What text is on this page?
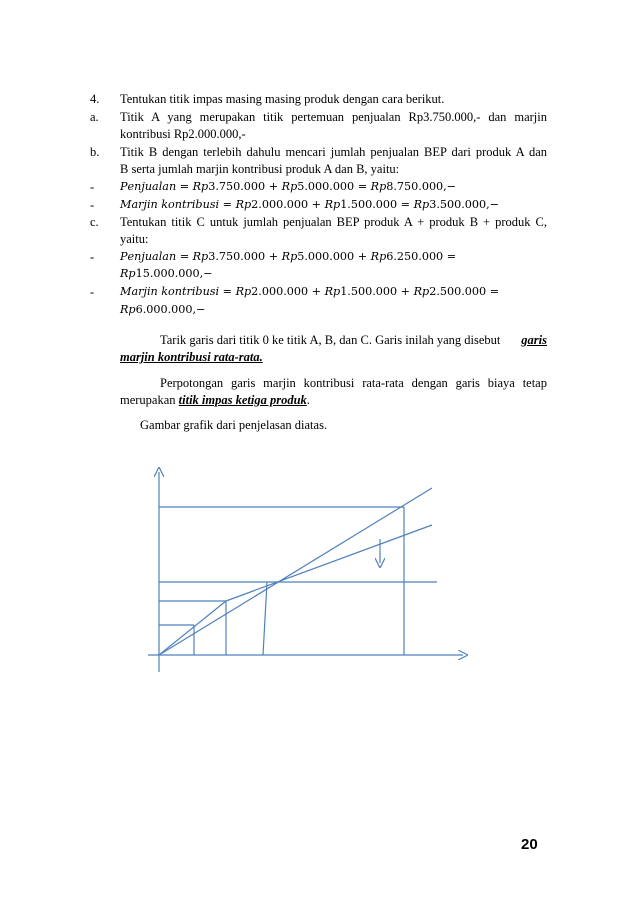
4. Tentukan titik impas masing masing produk dengan cara berikut.
a. Titik A yang merupakan titik pertemuan penjualan Rp3.750.000,- dan marjin
kontribusi Rp2.000.000,-
b. Titik B dengan terlebih dahulu mencari jumlah penjualan BEP dari produk A dan
B serta jumlah marjin kontribusi produk A dan B, yaitu:
- 𝑃𝑒𝑛𝑗𝑢𝑎𝑙𝑎𝑛 = 𝑅𝑝3.750.000 + 𝑅𝑝5.000.000 = 𝑅𝑝8.750.000,−
- 𝑀𝑎𝑟𝑗𝑖𝑛 𝑘𝑜𝑛𝑡𝑟𝑖𝑏𝑢𝑠𝑖 = 𝑅𝑝2.000.000 + 𝑅𝑝1.500.000 = 𝑅𝑝3.500.000,−
c. Tentukan titik C untuk jumlah penjualan BEP produk A + produk B + produk C,
yaitu:
- 𝑃𝑒𝑛𝑗𝑢𝑎𝑙𝑎𝑛 = 𝑅𝑝3.750.000 + 𝑅𝑝5.000.000 + 𝑅𝑝6.250.000 =
𝑅𝑝15.000.000,−
- 𝑀𝑎𝑟𝑗𝑖𝑛 𝑘𝑜𝑛𝑡𝑟𝑖𝑏𝑢𝑠𝑖 = 𝑅𝑝2.000.000 + 𝑅𝑝1.500.000 + 𝑅𝑝2.500.000 =
𝑅𝑝6.000.000,−
Tarik garis dari titik 0 ke titik A, B, dan C. Garis inilah yang disebut garis
marjin kontribusi rata-rata.
Perpotongan garis marjin kontribusi rata-rata dengan garis biaya tetap
merupakan titik impas ketiga produk.
Gambar grafik dari penjelasan diatas.
20
